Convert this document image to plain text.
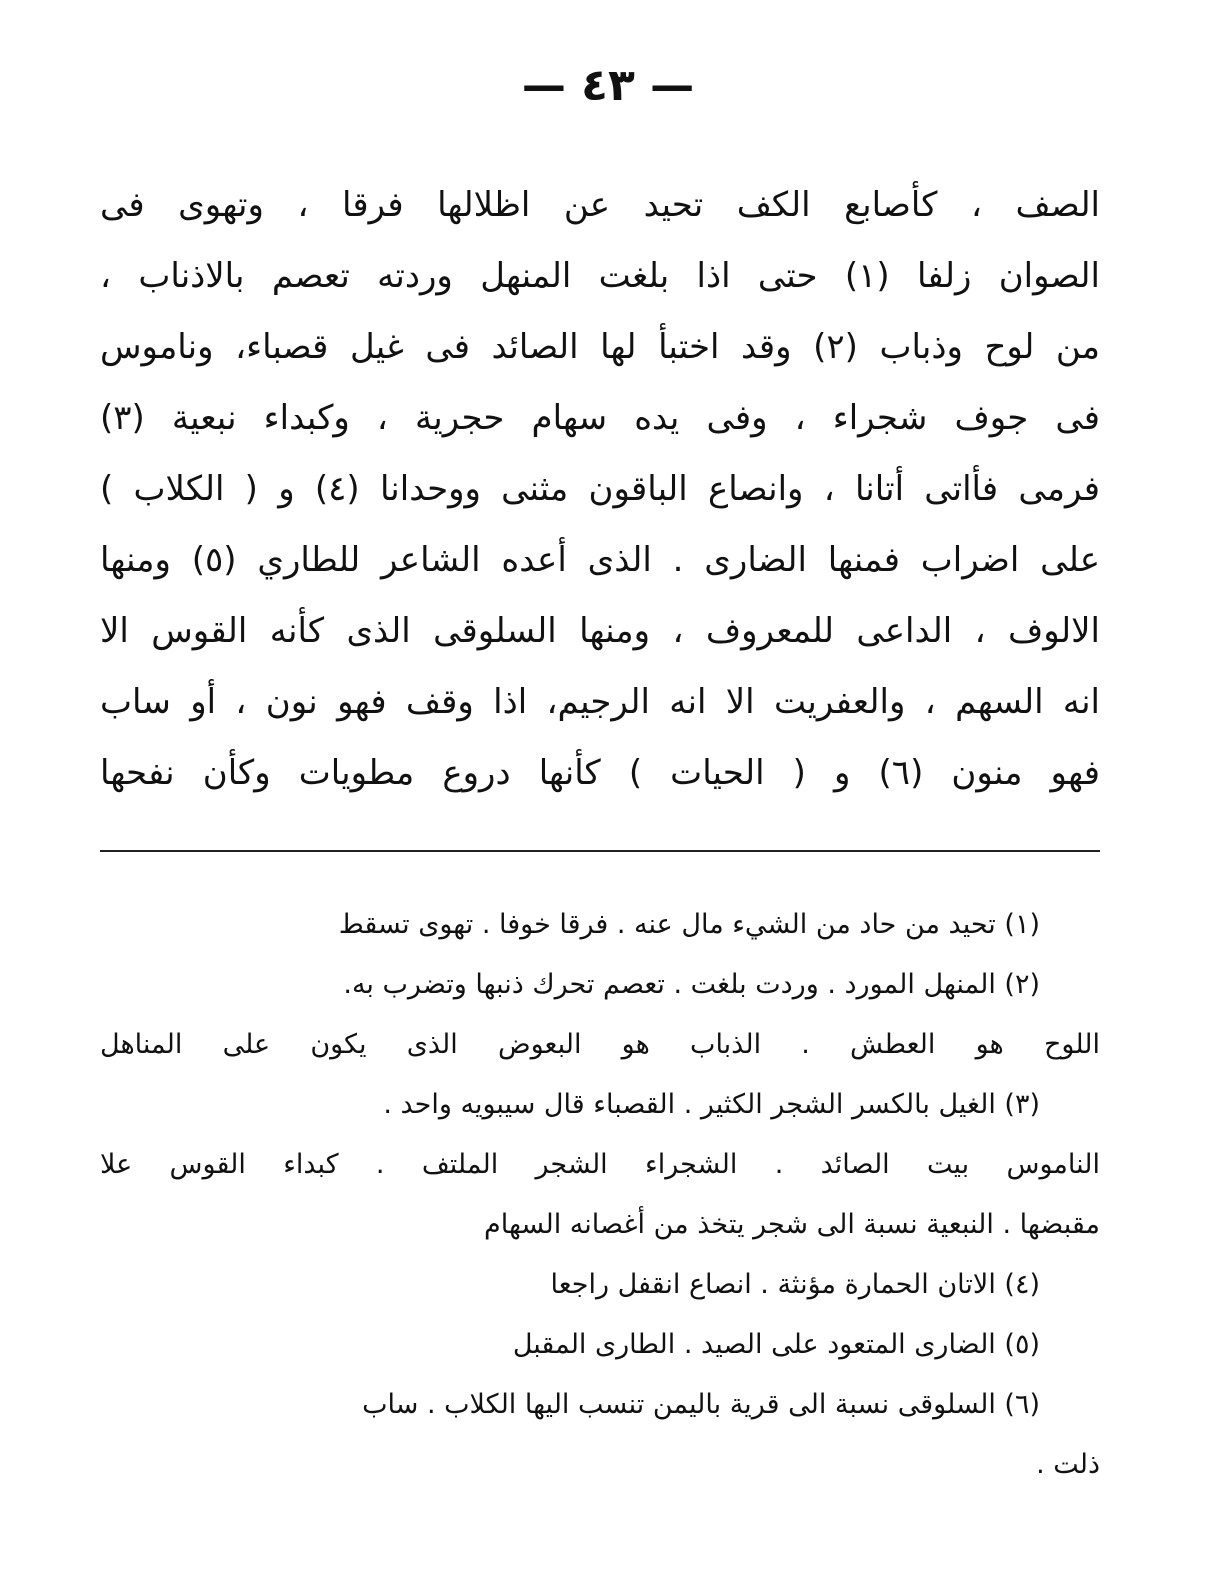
— ٤٣ —
الصف ، كأصابع الكف تحيد عن اظلالها فرقا ، وتهوى فى
الصوان زلفا (١) حتى اذا بلغت المنهل وردته تعصم بالاذناب ،
من لوح وذباب (٢) وقد اختبأ لها الصائد فى غيل قصباء، وناموس
فى جوف شجراء ، وفى يده سهام حجرية ، وكبداء نبعية (٣)
فرمى فأاتى أتانا ، وانصاع الباقون مثنى ووحدانا (٤) و ( الكلاب )
على اضراب فمنها الضارى . الذى أعده الشاعر للطاري (٥) ومنها
الالوف ، الداعى للمعروف ، ومنها السلوقى الذى كأنه القوس الا
انه السهم ، والعفريت الا انه الرجيم، اذا وقف فهو نون ، أو ساب
فهو منون (٦) و ( الحيات ) كأنها دروع مطويات وكأن نفحها
(١) تحيد من حاد من الشيء مال عنه . فرقا خوفا . تهوى تسقط
(٢) المنهل المورد . وردت بلغت . تعصم تحرك ذنبها وتضرب به.
اللوح هو العطش . الذباب هو البعوض الذى يكون على المناهل
(٣) الغيل بالكسر الشجر الكثير . القصباء قال سيبويه واحد .
الناموس بيت الصائد . الشجراء الشجر الملتف . كبداء القوس علا
مقبضها . النبعية نسبة الى شجر يتخذ من أغصانه السهام
(٤) الاتان الحمارة مؤنثة . انصاع انقفل راجعا
(٥) الضارى المتعود على الصيد . الطارى المقبل
(٦) السلوقى نسبة الى قرية باليمن تنسب اليها الكلاب . ساب
ذلت .
